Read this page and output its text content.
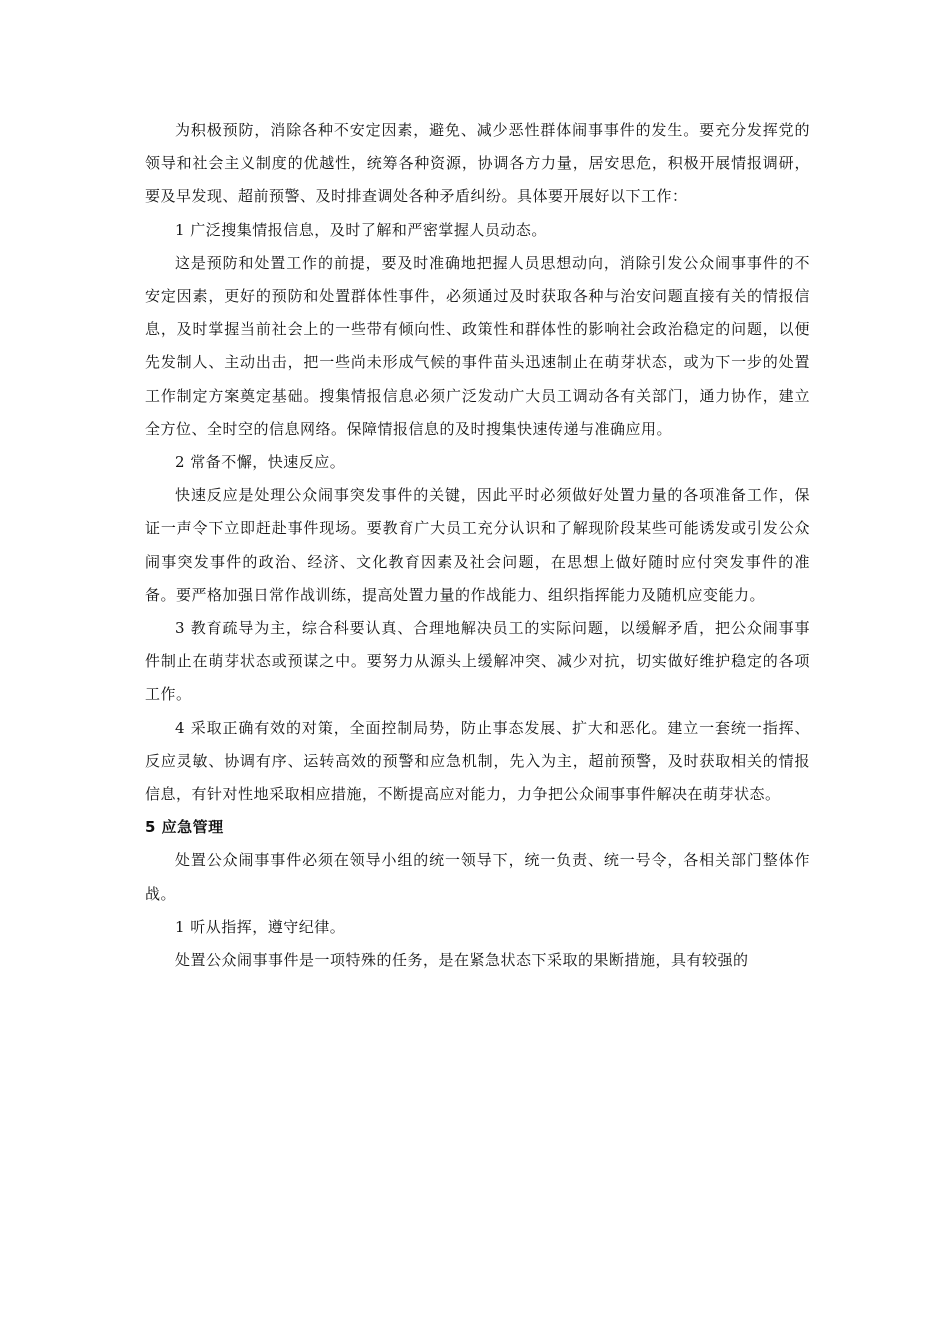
为积极预防，消除各种不安定因素，避免、减少恶性群体闹事事件的发生。要充分发挥党的领导和社会主义制度的优越性，统筹各种资源，协调各方力量，居安思危，积极开展情报调研，要及早发现、超前预警、及时排查调处各种矛盾纠纷。具体要开展好以下工作：

1 广泛搜集情报信息，及时了解和严密掌握人员动态。

这是预防和处置工作的前提，要及时准确地把握人员思想动向，消除引发公众闹事事件的不安定因素，更好的预防和处置群体性事件，必须通过及时获取各种与治安问题直接有关的情报信息，及时掌握当前社会上的一些带有倾向性、政策性和群体性的影响社会政治稳定的问题，以便先发制人、主动出击，把一些尚未形成气候的事件苗头迅速制止在萌芽状态，或为下一步的处置工作制定方案奠定基础。搜集情报信息必须广泛发动广大员工调动各有关部门，通力协作，建立全方位、全时空的信息网络。保障情报信息的及时搜集快速传递与准确应用。

2 常备不懈，快速反应。

快速反应是处理公众闹事突发事件的关键，因此平时必须做好处置力量的各项准备工作，保证一声令下立即赶赴事件现场。要教育广大员工充分认识和了解现阶段某些可能诱发或引发公众闹事突发事件的政治、经济、文化教育因素及社会问题，在思想上做好随时应付突发事件的准备。要严格加强日常作战训练，提高处置力量的作战能力、组织指挥能力及随机应变能力。

3 教育疏导为主，综合科要认真、合理地解决员工的实际问题，以缓解矛盾，把公众闹事事件制止在萌芽状态或预谋之中。要努力从源头上缓解冲突、减少对抗，切实做好维护稳定的各项工作。

4 采取正确有效的对策，全面控制局势，防止事态发展、扩大和恶化。建立一套统一指挥、反应灵敏、协调有序、运转高效的预警和应急机制，先入为主，超前预警，及时获取相关的情报信息，有针对性地采取相应措施，不断提高应对能力，力争把公众闹事事件解决在萌芽状态。

5 应急管理

处置公众闹事事件必须在领导小组的统一领导下，统一负责、统一号令，各相关部门整体作战。

1 听从指挥，遵守纪律。

处置公众闹事事件是一项特殊的任务，是在紧急状态下采取的果断措施，具有较强的
